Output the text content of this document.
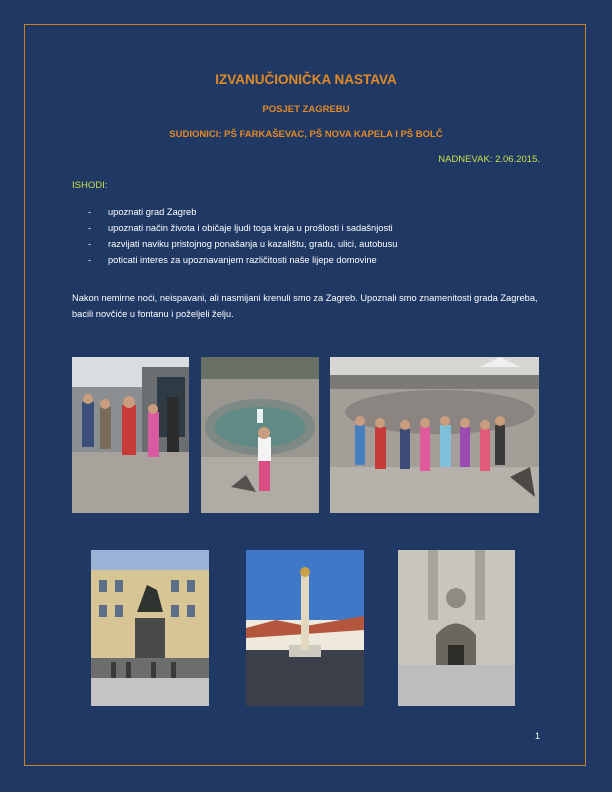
IZVANUČIONIČKA NASTAVA
POSJET ZAGREBU
SUDIONICI: PŠ FARKAŠEVAC, PŠ NOVA KAPELA I PŠ BOLČ
NADNEVAK: 2.06.2015.
ISHODI:
- upoznati grad Zagreb
- upoznati način života i običaje ljudi toga kraja u prošlosti i sadašnjosti
- razvijati naviku pristojnog ponašanja u kazalištu, gradu, ulici, autobusu
- poticati interes za upoznavanjem različitosti naše lijepe domovine
Nakon nemirne noći, neispavani, ali nasmijani krenuli smo za Zagreb. Upoznali smo znamenitosti grada Zagreba, bacili novčiće u fontanu i poželjeli želju.
1
